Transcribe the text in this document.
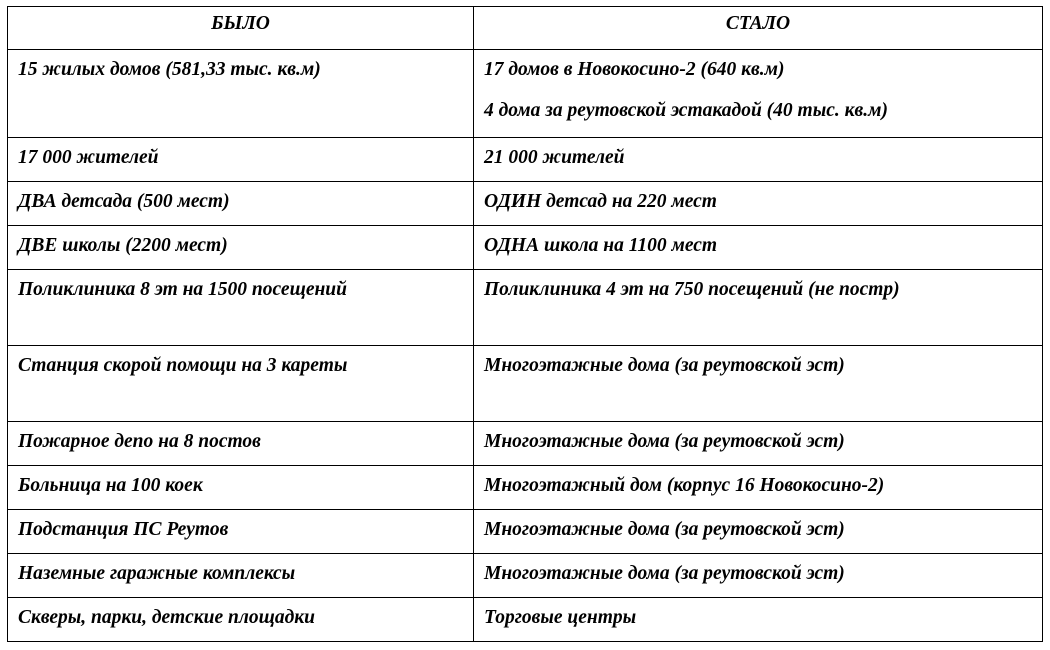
БЫЛО	СТАЛО

15 жилых домов (581,33 тыс. кв.м)	17 домов в Новокосино-2 (640 кв.м)
4 дома за реутовской эстакадой (40 тыс. кв.м)

17 000 жителей	21 000 жителей

ДВА детсада (500 мест)	ОДИН детсад на 220 мест

ДВЕ школы (2200 мест)	ОДНА школа на 1100 мест

Поликлиника 8 эт на 1500 посещений	Поликлиника 4 эт на 750 посещений (не постр)

Станция скорой помощи на 3 кареты	Многоэтажные дома (за реутовской эст)

Пожарное депо на 8 постов	Многоэтажные дома (за реутовской эст)

Больница на 100 коек	Многоэтажный дом (корпус 16 Новокосино-2)

Подстанция ПС Реутов	Многоэтажные дома (за реутовской эст)

Наземные гаражные комплексы	Многоэтажные дома (за реутовской эст)

Скверы, парки, детские площадки	Торговые центры
